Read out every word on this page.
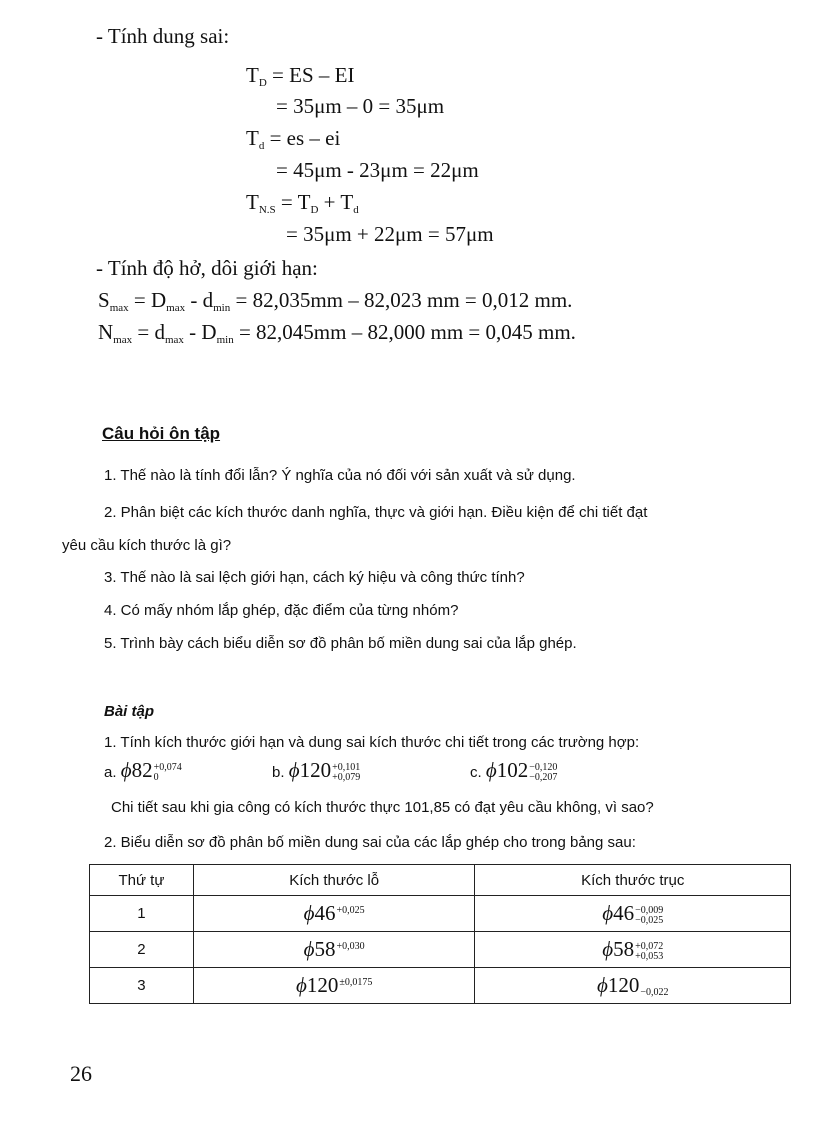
- Tính dung sai:
$T_D$ = ES – EI
= 35μm – 0 = 35μm
$T_d$ = es – ei
= 45μm - 23μm = 22μm
$T_{N.S} = T_D + T_d$
= 35μm + 22μm = 57μm
- Tính độ hở, dôi giới hạn:
$S_{max} = D_{max} - d_{min} = 82,035mm - 82,023$ mm = 0,012 mm.
$N_{max} = d_{max} - D_{min} = 82,045mm - 82,000$ mm = 0,045 mm.
Câu hỏi ôn tập
1. Thế nào là tính đổi lẫn? Ý nghĩa của nó đối với sản xuất và sử dụng.
2. Phân biệt các kích thước danh nghĩa, thực và giới hạn. Điều kiện để chi tiết đạt
yêu cầu kích thước là gì?
3. Thế nào là sai lệch giới hạn, cách ký hiệu và công thức tính?
4. Có mấy nhóm lắp ghép, đặc điểm của từng nhóm?
5. Trình bày cách biểu diễn sơ đồ phân bố miền dung sai của lắp ghép.
Bài tập
1. Tính kích thước giới hạn và dung sai kích thước chi tiết trong các trường hợp:
a. ϕ82 +0,074
0	b. ϕ120 +0,101
+0,079	c. ϕ102 −0,120
−0,207
Chi tiết sau khi gia công có kích thước thực 101,85 có đạt yêu cầu không, vì sao?
2. Biểu diễn sơ đồ phân bố miền dung sai của các lắp ghép cho trong bảng sau:
Thứ tự	Kích thước lỗ	Kích thước trục
1	ϕ46 +0,025	ϕ46 −0,009
−0,025

2	ϕ58 +0,030	ϕ58 +0,072
+0,053

3	ϕ120 ±0,0175	ϕ120
−0,022
26
